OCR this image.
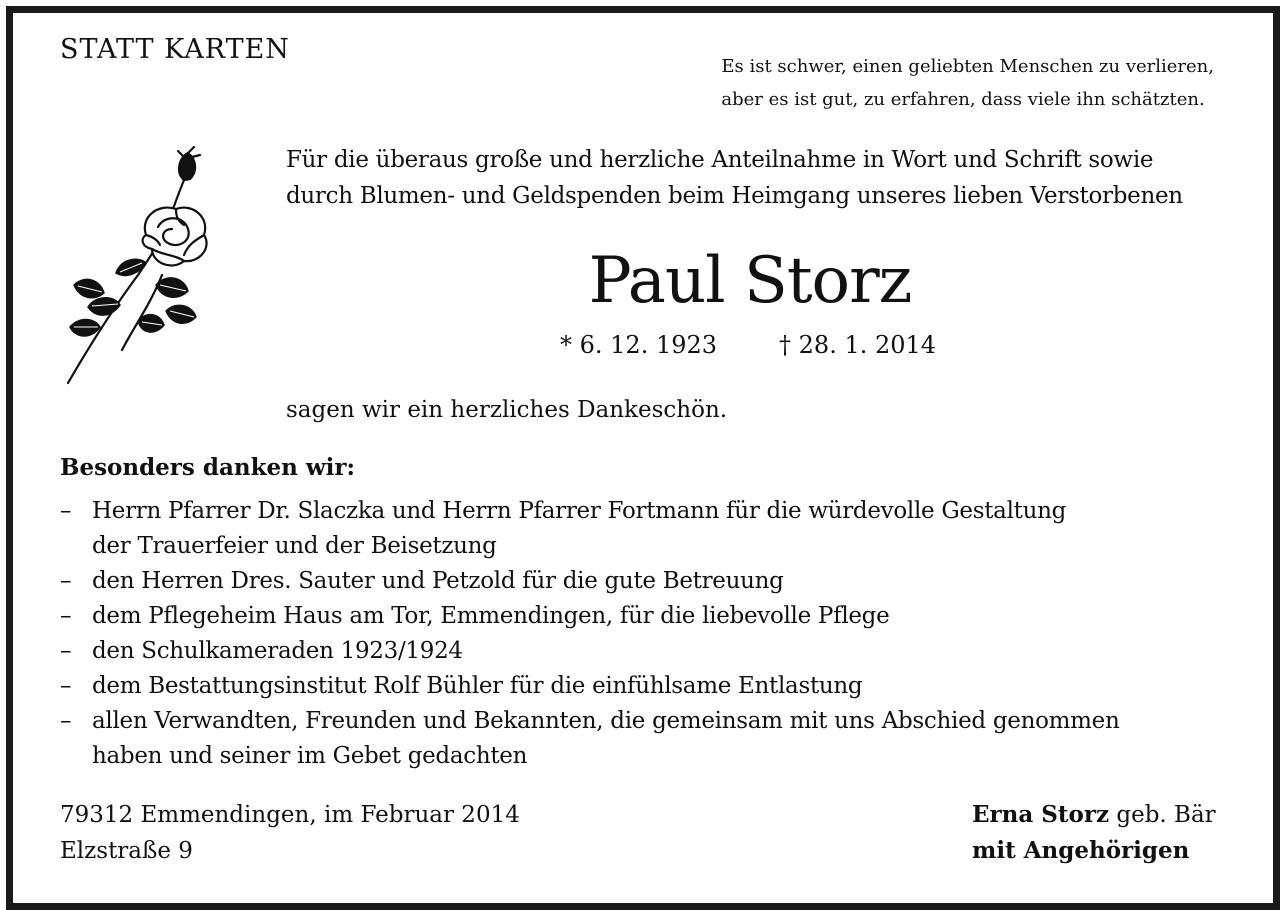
STATT KARTEN
Es ist schwer, einen geliebten Menschen zu verlieren,
aber es ist gut, zu erfahren, dass viele ihn schätzten.
Für die überaus große und herzliche Anteilnahme in Wort und Schrift sowie
durch Blumen- und Geldspenden beim Heimgang unseres lieben Verstorbenen
Paul Storz
* 6. 12. 1923	† 28. 1. 2014
sagen wir ein herzliches Dankeschön.
Besonders danken wir:
– Herrn Pfarrer Dr. Slaczka und Herrn Pfarrer Fortmann für die würdevolle Gestaltung
der Trauerfeier und der Beisetzung
– den Herren Dres. Sauter und Petzold für die gute Betreuung
– dem Pflegeheim Haus am Tor, Emmendingen, für die liebevolle Pflege
– den Schulkameraden 1923/1924
– dem Bestattungsinstitut Rolf Bühler für die einfühlsame Entlastung
– allen Verwandten, Freunden und Bekannten, die gemeinsam mit uns Abschied genommen
haben und seiner im Gebet gedachten
79312 Emmendingen, im Februar 2014
Elzstraße 9
Erna Storz geb. Bär
mit Angehörigen
